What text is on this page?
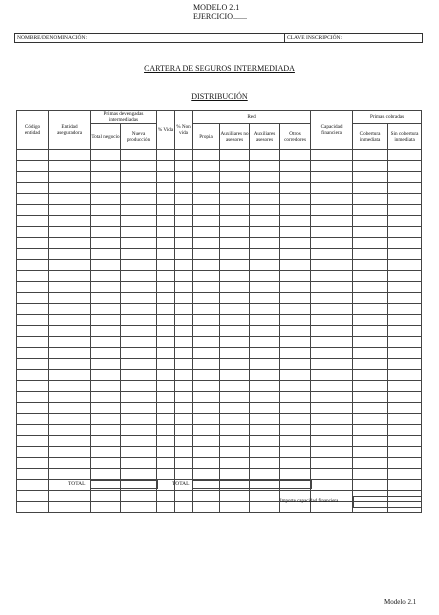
MODELO 2.1
EJERCICIO.......
NOMBRE/DENOMINACIÓN:	CLAVE INSCRIPCIÓN:
CARTERA DE SEGUROS INTERMEDIADA
DISTRIBUCIÓN
Código entidad	Entidad aseguradora	Primas devengadas intermediadas		% Vida	% Non vida	Red				Capacidad financiera	Primas cobradas	
		Total negocio	Nueva producción			Propia	Auxiliares no asesores	Auxiliares asesores	Otros corredores		Cobertura inmediata	Sin cobertura inmediata

TOTAL	TOTAL
Importe capacidad financiera
Modelo 2.1
